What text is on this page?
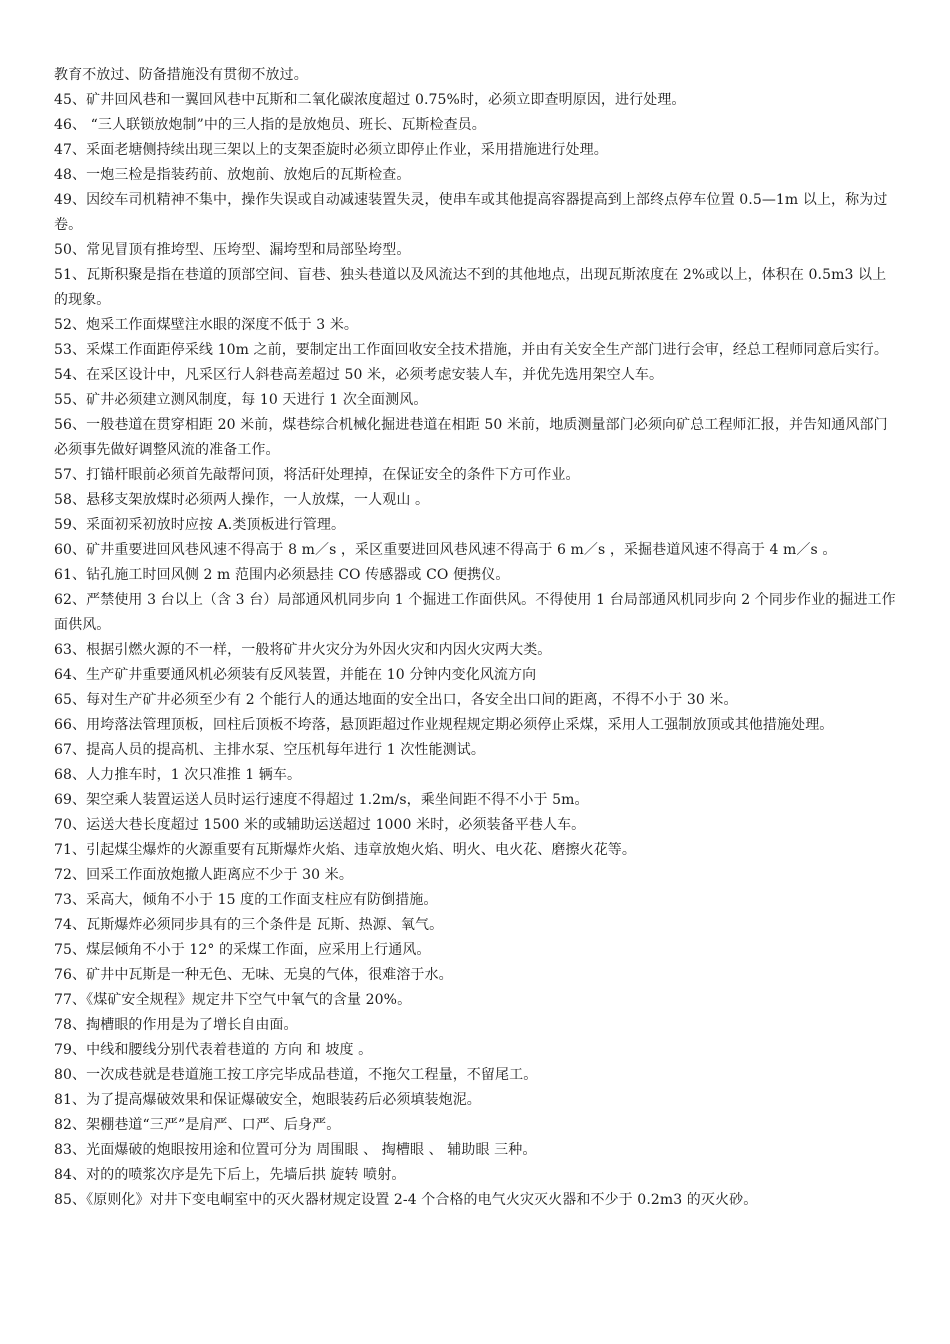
教育不放过、防备措施没有贯彻不放过。

45、矿井回风巷和一翼回风巷中瓦斯和二氧化碳浓度超过 0.75%时，必须立即查明原因，进行处理。

46、 “三人联锁放炮制”中的三人指的是放炮员、班长、瓦斯检查员。

47、采面老塘侧持续出现三架以上的支架歪旋时必须立即停止作业，采用措施进行处理。

48、一炮三检是指装药前、放炮前、放炮后的瓦斯检查。

49、因绞车司机精神不集中，操作失误或自动减速装置失灵，使串车或其他提高容器提高到上部终点停车位置 0.5—1m 以上，称为过卷。

50、常见冒顶有推垮型、压垮型、漏垮型和局部坠垮型。

51、瓦斯积聚是指在巷道的顶部空间、盲巷、独头巷道以及风流达不到的其他地点，出现瓦斯浓度在 2%或以上，体积在 0.5m3 以上的现象。

52、炮采工作面煤壁注水眼的深度不低于 3 米。

53、采煤工作面距停采线 10m 之前，要制定出工作面回收安全技术措施，并由有关安全生产部门进行会审，经总工程师同意后实行。

54、在采区设计中，凡采区行人斜巷高差超过 50 米，必须考虑安装人车，并优先选用架空人车。

55、矿井必须建立测风制度，每 10 天进行 1 次全面测风。

56、一般巷道在贯穿相距 20 米前，煤巷综合机械化掘进巷道在相距 50 米前，地质测量部门必须向矿总工程师汇报，并告知通风部门必须事先做好调整风流的准备工作。

57、打锚杆眼前必须首先敲帮问顶，将活矸处理掉，在保证安全的条件下方可作业。

58、悬移支架放煤时必须两人操作，一人放煤，一人观山 。

59、采面初采初放时应按 A.类顶板进行管理。

60、矿井重要进回风巷风速不得高于 8 m／s ，采区重要进回风巷风速不得高于 6 m／s ，采掘巷道风速不得高于 4 m／s 。

61、钻孔施工时回风侧 2 m 范围内必须悬挂 CO 传感器或 CO 便携仪。

62、严禁使用 3 台以上（含 3 台）局部通风机同步向 1 个掘进工作面供风。不得使用 1 台局部通风机同步向 2 个同步作业的掘进工作面供风。

63、根据引燃火源的不一样，一般将矿井火灾分为外因火灾和内因火灾两大类。

64、生产矿井重要通风机必须装有反风装置，并能在 10 分钟内变化风流方向

65、每对生产矿井必须至少有 2 个能行人的通达地面的安全出口，各安全出口间的距离，不得不小于 30 米。

66、用垮落法管理顶板，回柱后顶板不垮落，悬顶距超过作业规程规定期必须停止采煤，采用人工强制放顶或其他措施处理。

67、提高人员的提高机、主排水泵、空压机每年进行 1 次性能测试。

68、人力推车时，1 次只准推 1 辆车。

69、架空乘人装置运送人员时运行速度不得超过 1.2m/s，乘坐间距不得不小于 5m。

70、运送大巷长度超过 1500 米的或辅助运送超过 1000 米时，必须装备平巷人车。

71、引起煤尘爆炸的火源重要有瓦斯爆炸火焰、违章放炮火焰、明火、电火花、磨擦火花等。

72、回采工作面放炮撤人距离应不少于 30 米。

73、采高大，倾角不小于 15 度的工作面支柱应有防倒措施。

74、瓦斯爆炸必须同步具有的三个条件是 瓦斯、热源、氧气。

75、煤层倾角不小于 12° 的采煤工作面，应采用上行通风。

76、矿井中瓦斯是一种无色、无味、无臭的气体，很难溶于水。

77、《煤矿安全规程》规定井下空气中氧气的含量 20%。

78、掏槽眼的作用是为了增长自由面。

79、中线和腰线分别代表着巷道的 方向 和 坡度 。

80、一次成巷就是巷道施工按工序完毕成品巷道，不拖欠工程量，不留尾工。

81、为了提高爆破效果和保证爆破安全，炮眼装药后必须填装炮泥。

82、架棚巷道“三严”是肩严、口严、后身严。

83、光面爆破的炮眼按用途和位置可分为 周围眼 、 掏槽眼 、 辅助眼 三种。

84、对的的喷浆次序是先下后上，先墙后拱 旋转 喷射。

85、《原则化》对井下变电峒室中的灭火器材规定设置 2-4 个合格的电气火灾灭火器和不少于 0.2m3 的灭火砂。
